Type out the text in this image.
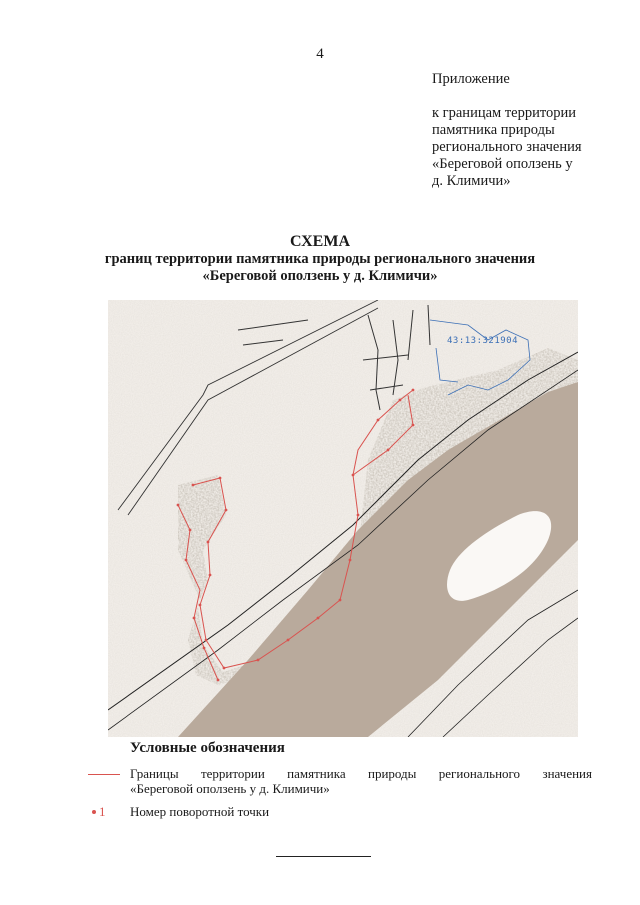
4
Приложение
к границам территории
памятника природы
регионального значения
«Береговой оползень у
д. Климичи»
СХЕМА
границ территории памятника природы регионального значения
«Береговой оползень у д. Климичи»
43:13:321904
Условные обозначения
Границы территории памятника природы регионального значения
«Береговой оползень у д. Климичи»
1 Номер поворотной точки
